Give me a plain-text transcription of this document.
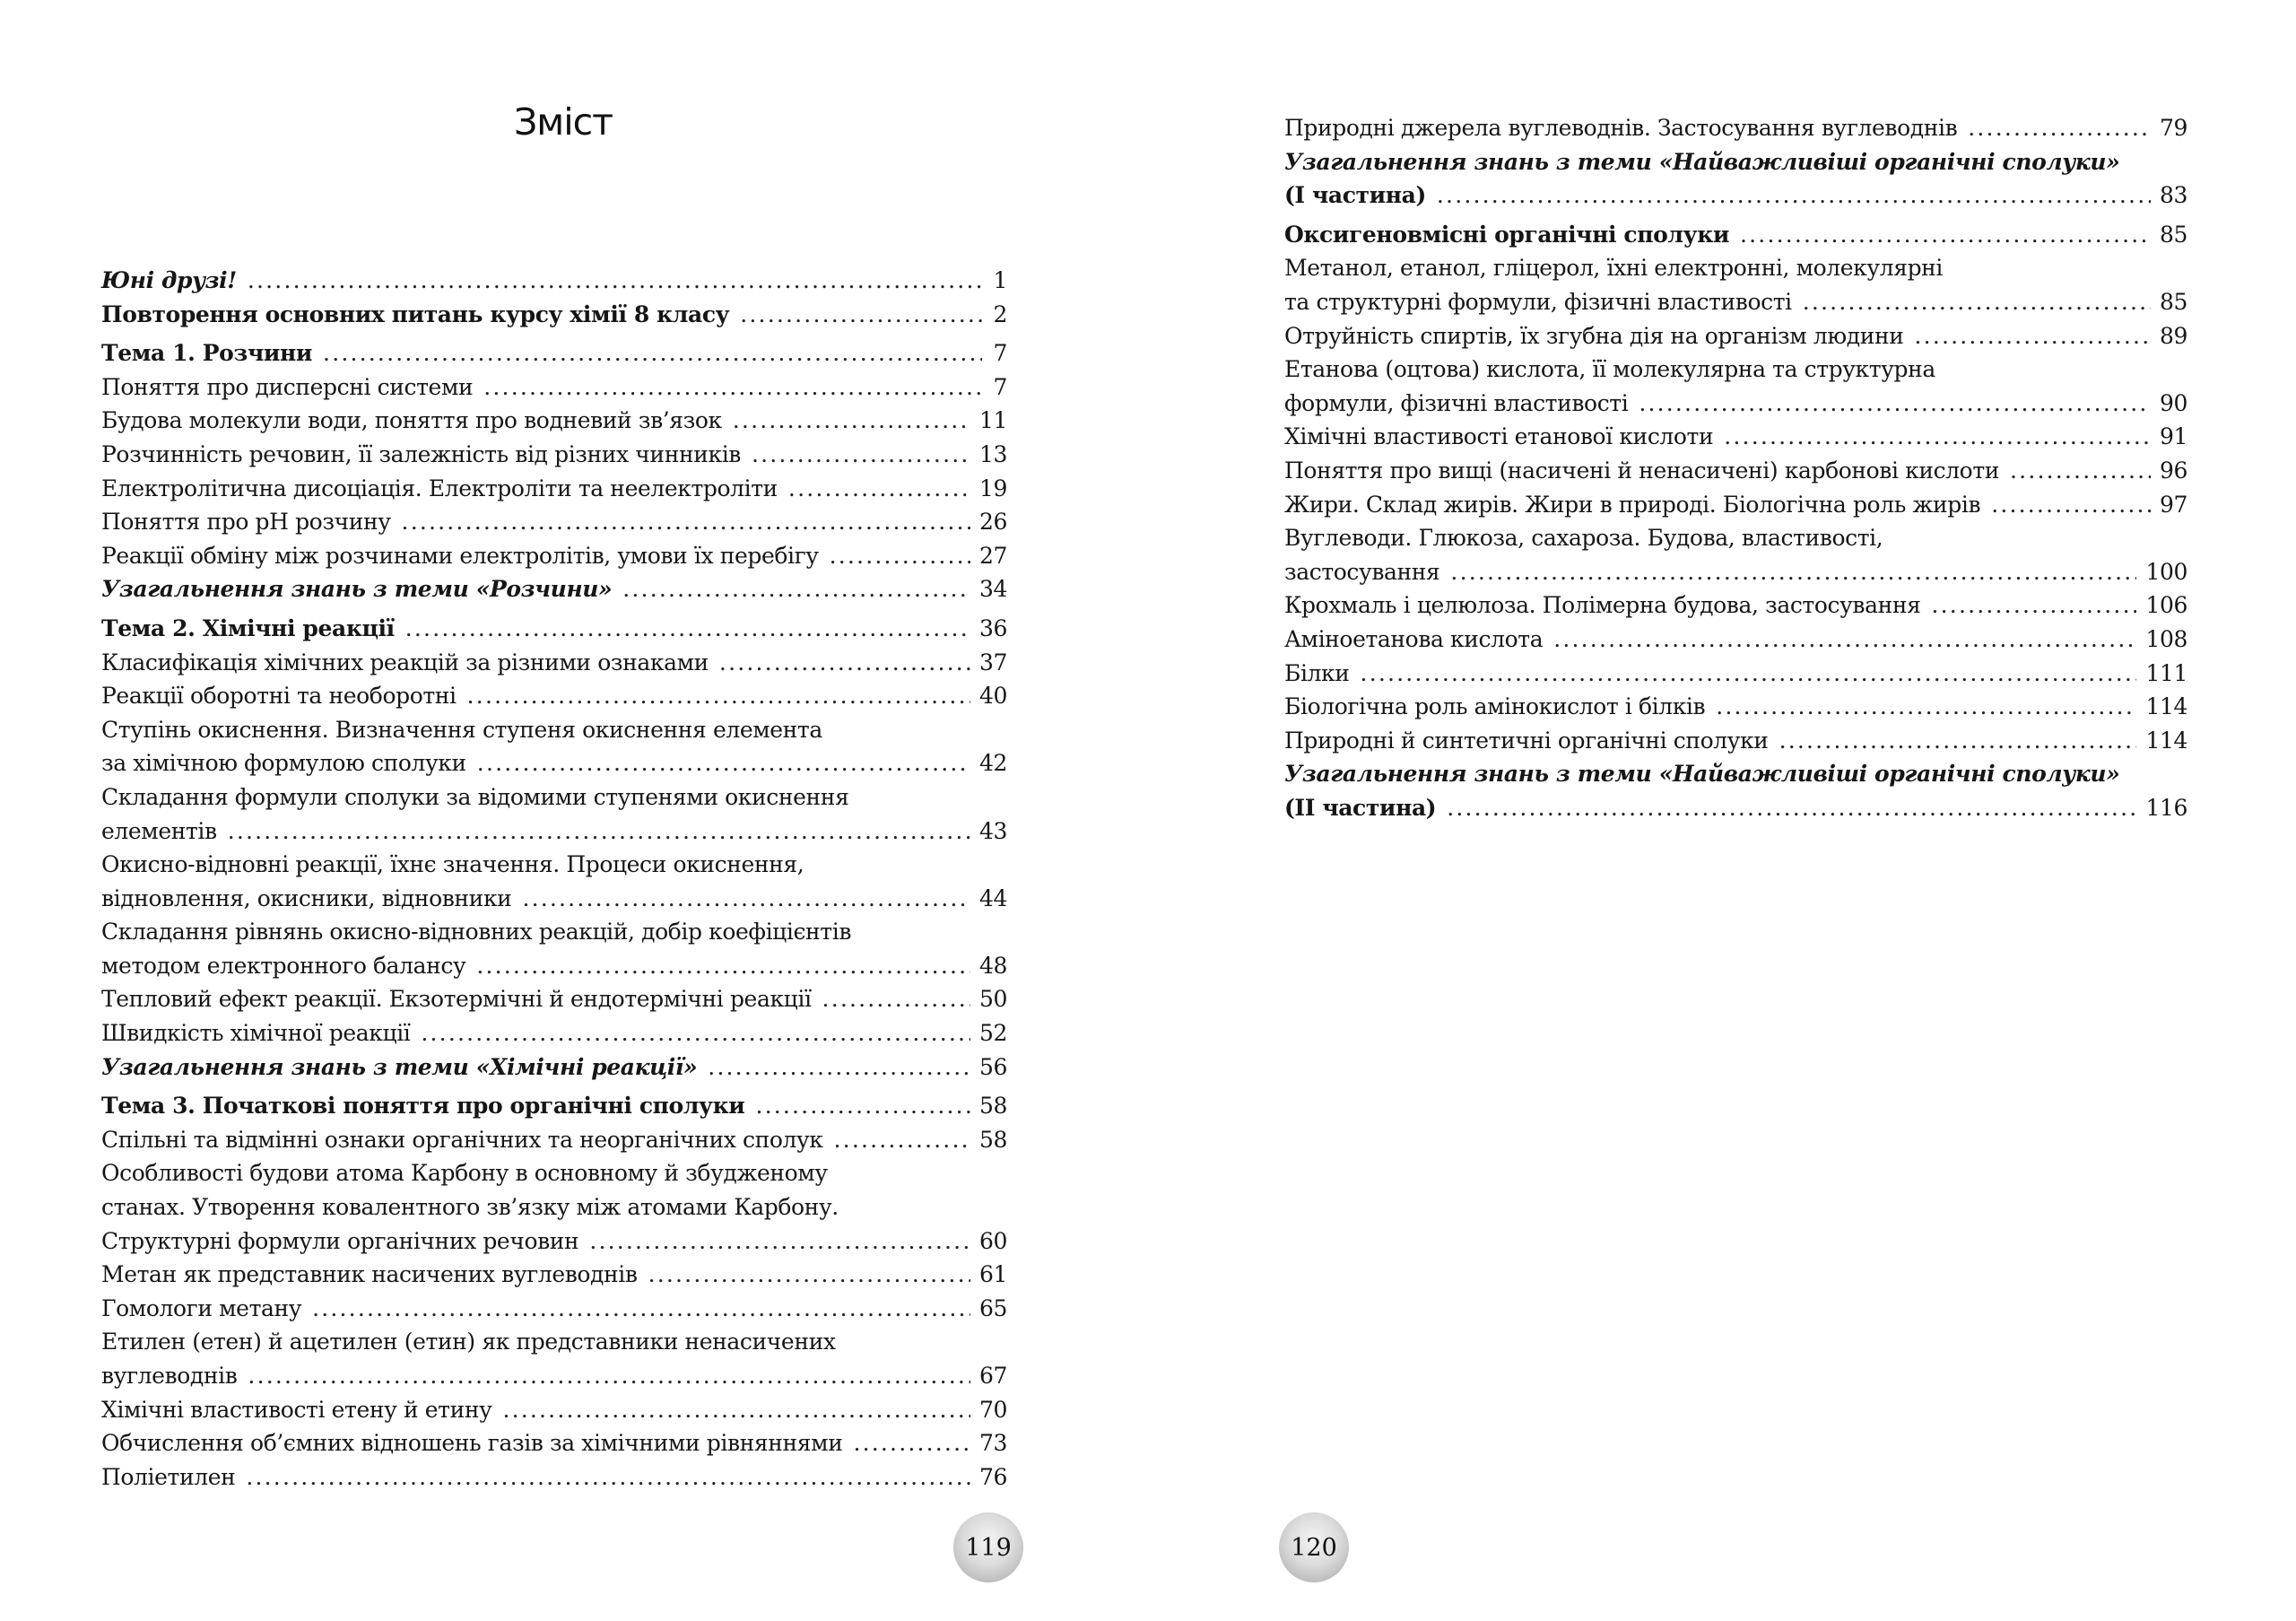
Зміст
Юні друзі! .....	1
Повторення основних питань курсу хімії 8 класу .....	2
Тема 1. Розчини .....	7
Поняття про дисперсні системи .....	7
Будова молекули води, поняття про водневий зв’язок .....	11
Розчинність речовин, її залежність від різних чинників .....	13
Електролітична дисоціація. Електроліти та неелектроліти .....	19
Поняття про pH розчину .....	26
Реакції обміну між розчинами електролітів, умови їх перебігу .....	27
Узагальнення знань з теми «Розчини» .....	34
Тема 2. Хімічні реакції .....	36
Класифікація хімічних реакцій за різними ознаками .....	37
Реакції оборотні та необоротні .....	40
Ступінь окиснення. Визначення ступеня окиснення елемента
за хімічною формулою сполуки .....	42
Складання формули сполуки за відомими ступенями окиснення
елементів .....	43
Окисно-відновні реакції, їхнє значення. Процеси окиснення,
відновлення, окисники, відновники .....	44
Складання рівнянь окисно-відновних реакцій, добір коефіцієнтів
методом електронного балансу .....	48
Тепловий ефект реакції. Екзотермічні й ендотермічні реакції .....	50
Швидкість хімічної реакції .....	52
Узагальнення знань з теми «Хімічні реакції» .....	56
Тема 3. Початкові поняття про органічні сполуки .....	58
Спільні та відмінні ознаки органічних та неорганічних сполук .....	58
Особливості будови атома Карбону в основному й збудженому
станах. Утворення ковалентного зв’язку між атомами Карбону.
Структурні формули органічних речовин .....	60
Метан як представник насичених вуглеводнів .....	61
Гомологи метану .....	65
Етилен (етен) й ацетилен (етин) як представники ненасичених
вуглеводнів .....	67
Хімічні властивості етену й етину .....	70
Обчислення об’ємних відношень газів за хімічними рівняннями .....	73
Поліетилен .....	76
119
Природні джерела вуглеводнів. Застосування вуглеводнів .....	79
Узагальнення знань з теми «Найважливіші органічні сполуки»
(I частина) .....	83
Оксигеновмісні органічні сполуки .....	85
Метанол, етанол, гліцерол, їхні електронні, молекулярні
та структурні формули, фізичні властивості .....	85
Отруйність спиртів, їх згубна дія на організм людини .....	89
Етанова (оцтова) кислота, її молекулярна та структурна
формули, фізичні властивості .....	90
Хімічні властивості етанової кислоти .....	91
Поняття про вищі (насичені й ненасичені) карбонові кислоти .....	96
Жири. Склад жирів. Жири в природі. Біологічна роль жирів .....	97
Вуглеводи. Глюкоза, сахароза. Будова, властивості,
застосування .....	100
Крохмаль і целюлоза. Полімерна будова, застосування .....	106
Аміноетанова кислота .....	108
Білки .....	111
Біологічна роль амінокислот і білків .....	114
Природні й синтетичні органічні сполуки .....	114
Узагальнення знань з теми «Найважливіші органічні сполуки»
(II частина) .....	116
120
